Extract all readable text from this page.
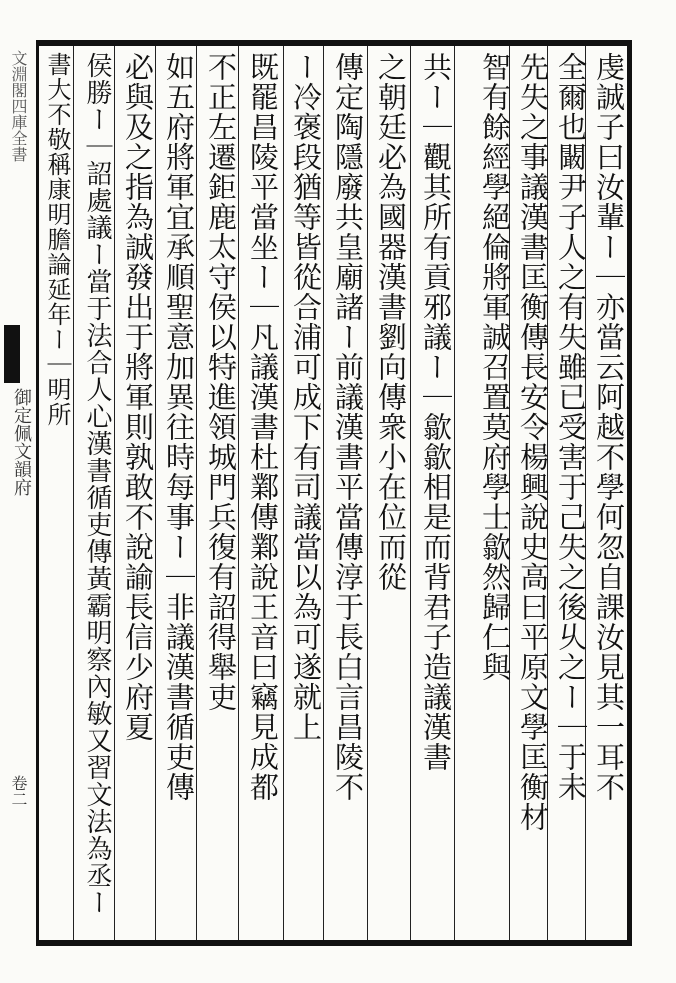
文淵閣四庫全書
御定佩文韻府
卷二	虔誠子曰汝輩ー｜亦當云阿越不學何忽自課汝見其一耳不
全爾也闞尹子人之有失雖已受害于己失之後乆之ー｜于未
先失之事議漢書匡衡傳長安令楊興說史高曰平原文學匡衡材
智有餘經學絕倫將軍誠召置莫府學士歙然歸仁與
共ー｜觀其所有貢邪議ー｜歙歙相是而背君子造議漢書
之朝廷必為國器漢書劉向傳衆小在位而從
傳定陶隱廢共皇廟諸ー前議漢書平當傳淳于長白言昌陵不
ー冷褒段猶等皆從合浦可成下有司議當以為可遂就上
既罷昌陵平當坐ー｜凡議漢書杜鄴傳鄴說王音曰竊見成都
不正左遷鉅鹿太守侯以特進領城門兵復有詔得舉吏
如五府將軍宜承順聖意加異往時每事ー｜非議漢書循吏傳
必與及之指為誠發出于將軍則孰敢不說諭長信少府夏
侯勝ー｜詔處議ー當于法合人心漢書循吏傳黃霸明察內敏又習文法為丞ー
書大不敬稱康明膽論延年ー｜明所
